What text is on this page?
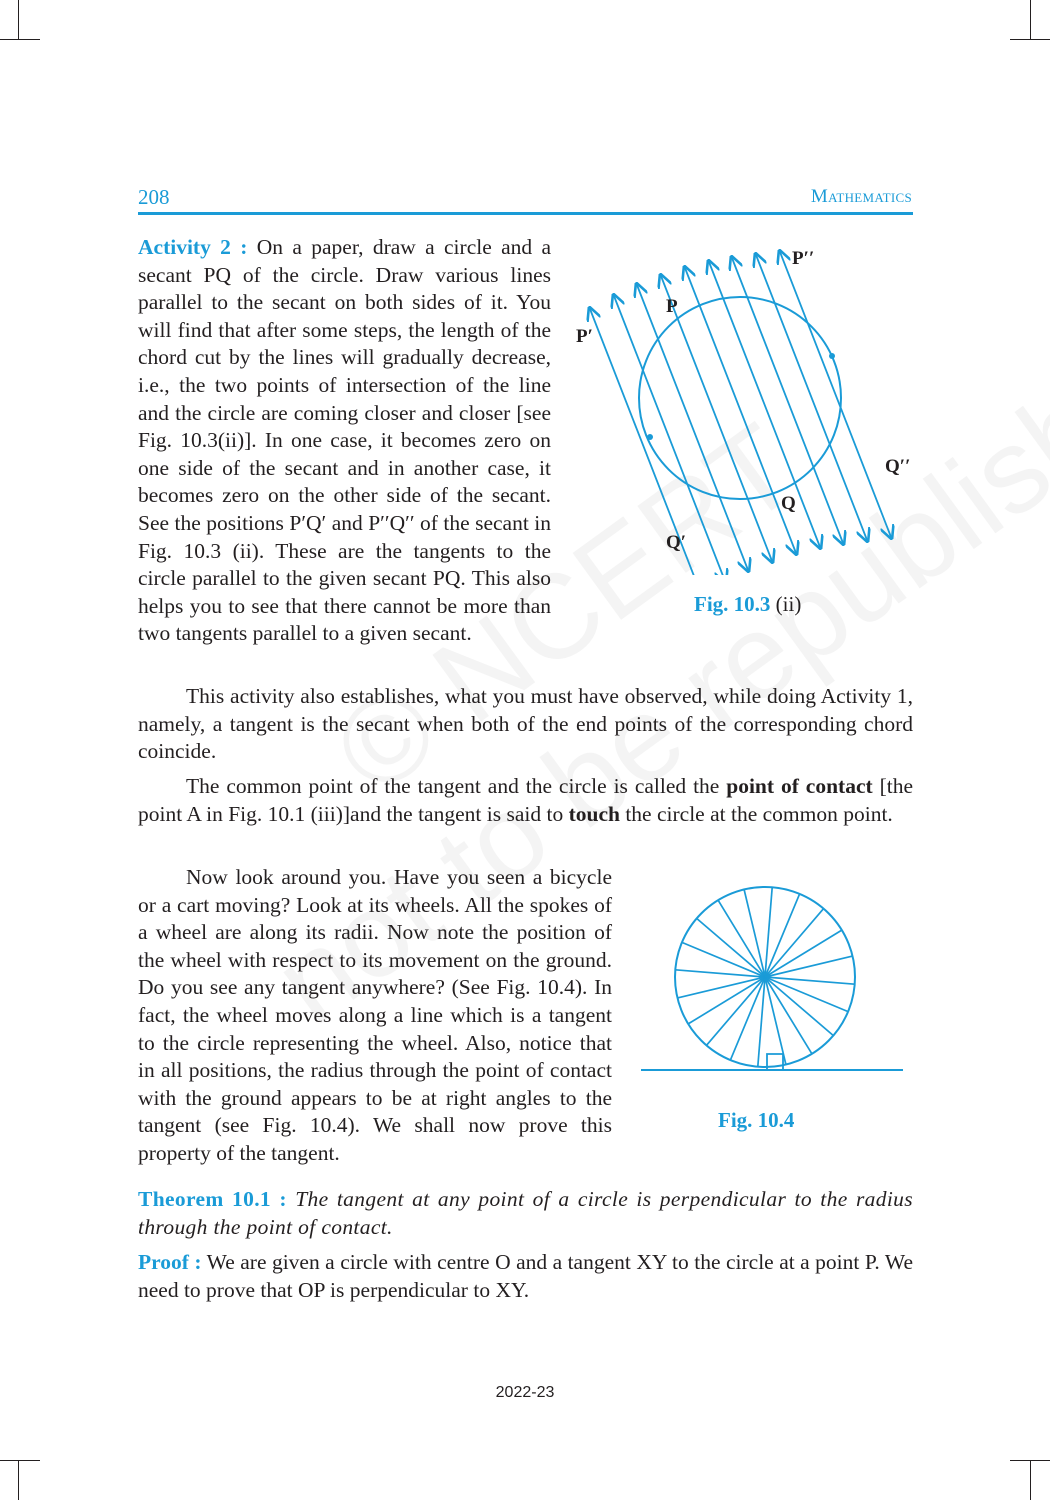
208	Mathematics

Activity 2 : On a paper, draw a circle and a secant PQ of the circle. Draw various lines parallel to the secant on both sides of it. You will find that after some steps, the length of the chord cut by the lines will gradually decrease, i.e., the two points of intersection of the line and the circle are coming closer and closer [see Fig. 10.3(ii)]. In one case, it becomes zero on one side of the secant and in another case, it becomes zero on the other side of the secant. See the positions P′Q′ and P′′Q′′ of the secant in Fig. 10.3 (ii). These are the tangents to the circle parallel to the given secant PQ. This also helps you to see that there cannot be more than two tangents parallel to a given secant.

P′′
P
P′
Q′′
Q
Q′
Fig. 10.3 (ii)

This activity also establishes, what you must have observed, while doing Activity 1, namely, a tangent is the secant when both of the end points of the corresponding chord coincide.

The common point of the tangent and the circle is called the point of contact [the point A in Fig. 10.1 (iii)]and the tangent is said to touch the circle at the common point.

Now look around you. Have you seen a bicycle or a cart moving? Look at its wheels. All the spokes of a wheel are along its radii. Now note the position of the wheel with respect to its movement on the ground. Do you see any tangent anywhere? (See Fig. 10.4). In fact, the wheel moves along a line which is a tangent to the circle representing the wheel. Also, notice that in all positions, the radius through the point of contact with the ground appears to be at right angles to the tangent (see Fig. 10.4). We shall now prove this property of the tangent.

Fig. 10.4

Theorem 10.1 : The tangent at any point of a circle is perpendicular to the radius through the point of contact.

Proof : We are given a circle with centre O and a tangent XY to the circle at a point P. We need to prove that OP is perpendicular to XY.

2022-23
